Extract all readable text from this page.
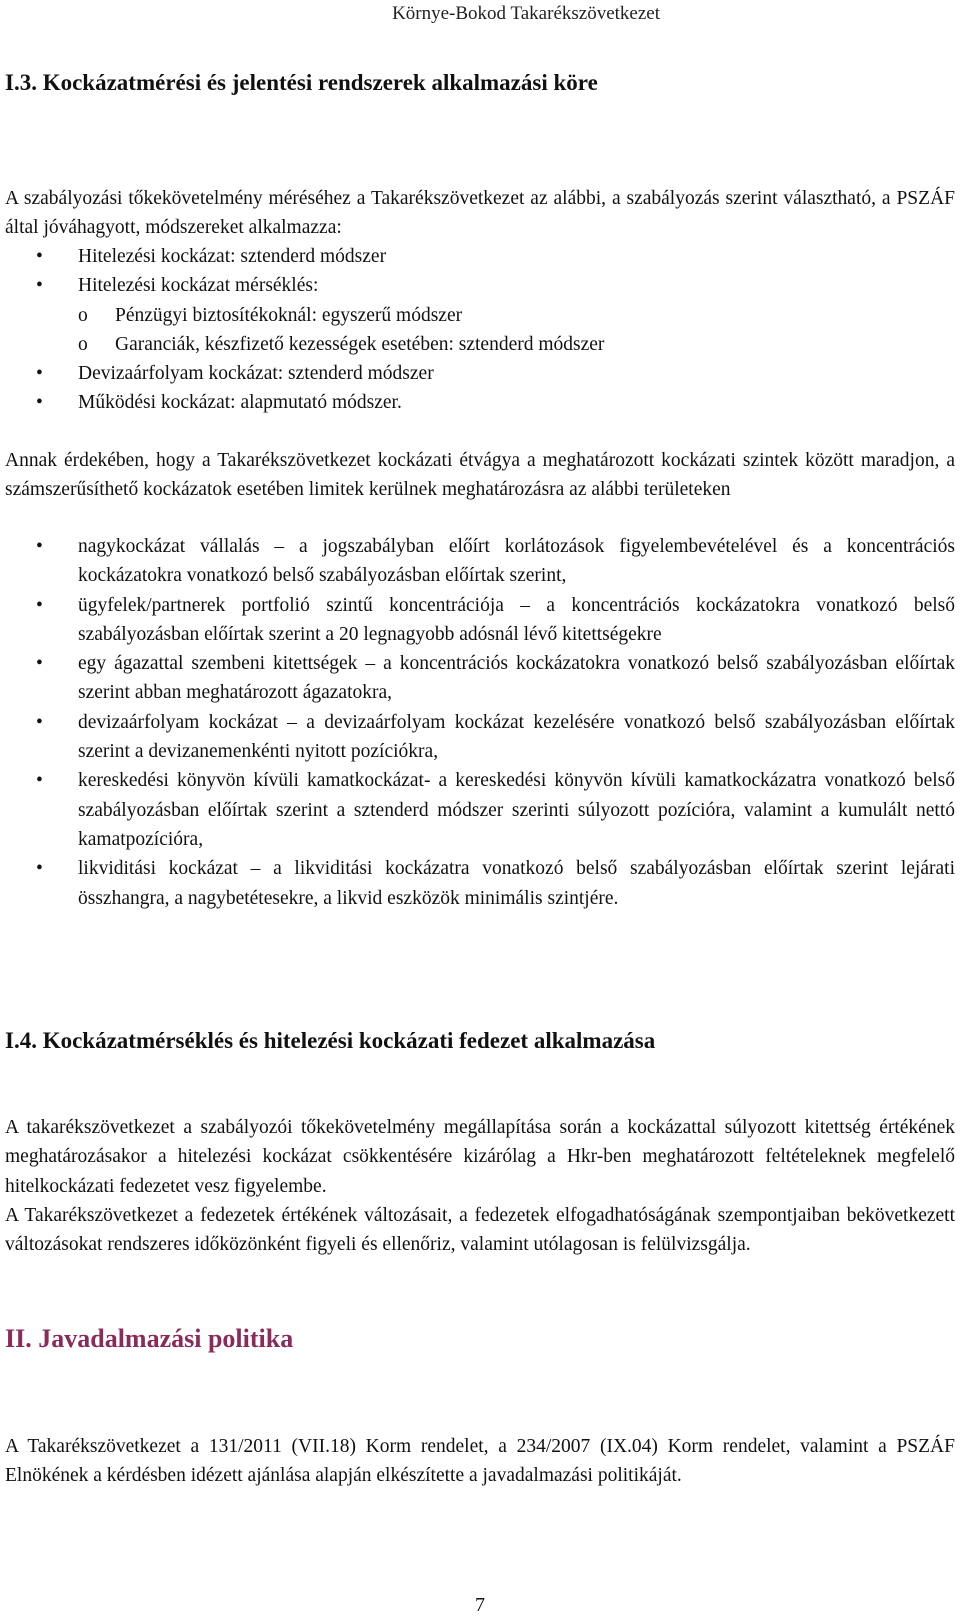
Környe-Bokod Takarékszövetkezet
I.3. Kockázatmérési és jelentési rendszerek alkalmazási köre

A szabályozási tőkekövetelmény méréséhez a Takarékszövetkezet az alábbi, a szabályozás szerint választható, a PSZÁF által jóváhagyott, módszereket alkalmazza:

• Hitelezési kockázat: sztenderd módszer
• Hitelezési kockázat mérséklés:
o Pénzügyi biztosítékoknál: egyszerű módszer
o Garanciák, készfizető kezességek esetében: sztenderd módszer
• Devizaárfolyam kockázat: sztenderd módszer
• Működési kockázat: alapmutató módszer.

Annak érdekében, hogy a Takarékszövetkezet kockázati étvágya a meghatározott kockázati szintek között maradjon, a számszerűsíthető kockázatok esetében limitek kerülnek meghatározásra az alábbi területeken

• nagykockázat vállalás – a jogszabályban előírt korlátozások figyelembevételével és a koncentrációs kockázatokra vonatkozó belső szabályozásban előírtak szerint,
• ügyfelek/partnerek portfolió szintű koncentrációja – a koncentrációs kockázatokra vonatkozó belső szabályozásban előírtak szerint a 20 legnagyobb adósnál lévő kitettségekre
• egy ágazattal szembeni kitettségek – a koncentrációs kockázatokra vonatkozó belső szabályozásban előírtak szerint abban meghatározott ágazatokra,
• devizaárfolyam kockázat – a devizaárfolyam kockázat kezelésére vonatkozó belső szabályozásban előírtak szerint a devizanemenkénti nyitott pozíciókra,
• kereskedési könyvön kívüli kamatkockázat- a kereskedési könyvön kívüli kamatkockázatra vonatkozó belső szabályozásban előírtak szerint a sztenderd módszer szerinti súlyozott pozícióra, valamint a kumulált nettó kamatpozícióra,
• likviditási kockázat – a likviditási kockázatra vonatkozó belső szabályozásban előírtak szerint lejárati összhangra, a nagybetétesekre, a likvid eszközök minimális szintjére.
I.4. Kockázatmérséklés és hitelezési kockázati fedezet alkalmazása

A takarékszövetkezet a szabályozói tőkekövetelmény megállapítása során a kockázattal súlyozott kitettség értékének meghatározásakor a hitelezési kockázat csökkentésére kizárólag a Hkr-ben meghatározott feltételeknek megfelelő hitelkockázati fedezetet vesz figyelembe.

A Takarékszövetkezet a fedezetek értékének változásait, a fedezetek elfogadhatóságának szempontjaiban bekövetkezett változásokat rendszeres időközönként figyeli és ellenőriz, valamint utólagosan is felülvizsgálja.

II. Javadalmazási politika

A Takarékszövetkezet a 131/2011 (VII.18) Korm rendelet, a 234/2007 (IX.04) Korm rendelet, valamint a PSZÁF Elnökének a kérdésben idézett ajánlása alapján elkészítette a javadalmazási politikáját.

7
